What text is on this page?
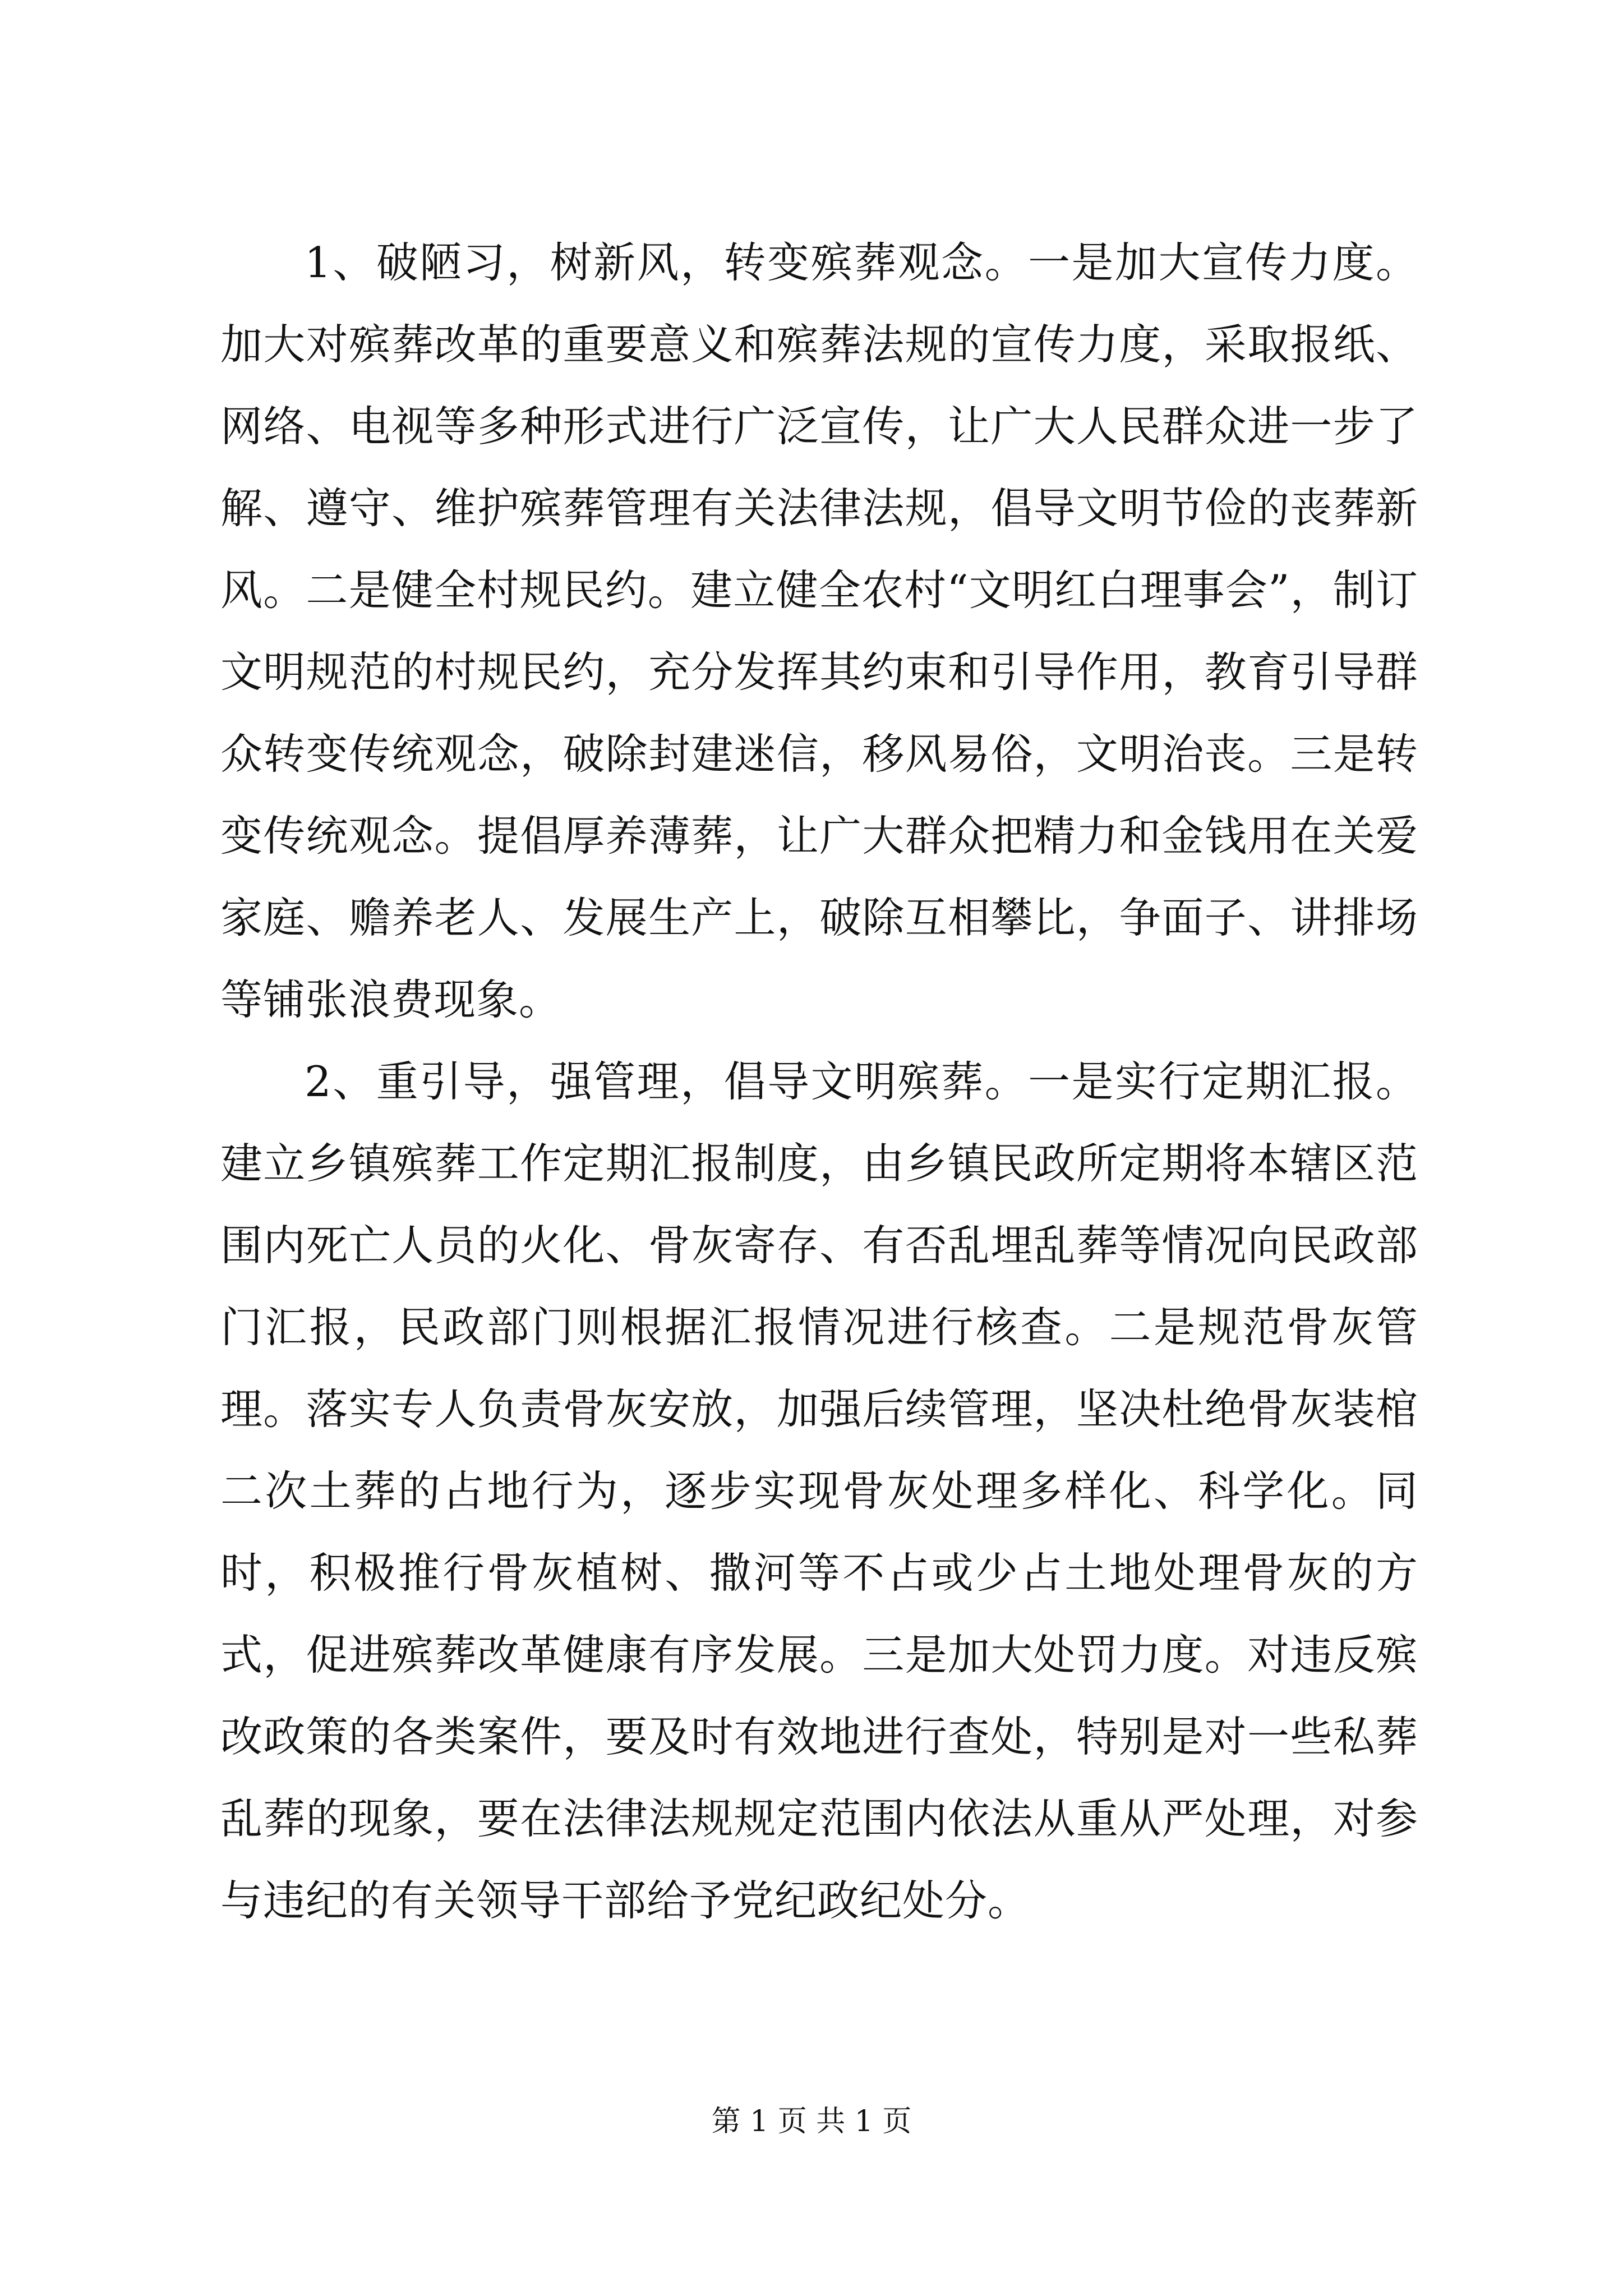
1、破陋习，树新风，转变殡葬观念。一是加大宣传力度。加大对殡葬改革的重要意义和殡葬法规的宣传力度，采取报纸、网络、电视等多种形式进行广泛宣传，让广大人民群众进一步了解、遵守、维护殡葬管理有关法律法规，倡导文明节俭的丧葬新风。二是健全村规民约。建立健全农村“文明红白理事会”，制订文明规范的村规民约，充分发挥其约束和引导作用，教育引导群众转变传统观念，破除封建迷信，移风易俗，文明治丧。三是转变传统观念。提倡厚养薄葬，让广大群众把精力和金钱用在关爱家庭、赡养老人、发展生产上，破除互相攀比，争面子、讲排场等铺张浪费现象。

2、重引导，强管理，倡导文明殡葬。一是实行定期汇报。建立乡镇殡葬工作定期汇报制度，由乡镇民政所定期将本辖区范围内死亡人员的火化、骨灰寄存、有否乱埋乱葬等情况向民政部门汇报，民政部门则根据汇报情况进行核查。二是规范骨灰管理。落实专人负责骨灰安放，加强后续管理，坚决杜绝骨灰装棺二次土葬的占地行为，逐步实现骨灰处理多样化、科学化。同时，积极推行骨灰植树、撒河等不占或少占土地处理骨灰的方式，促进殡葬改革健康有序发展。三是加大处罚力度。对违反殡改政策的各类案件，要及时有效地进行查处，特别是对一些私葬乱葬的现象，要在法律法规规定范围内依法从重从严处理，对参与违纪的有关领导干部给予党纪政纪处分。

第 1 页 共 1 页
